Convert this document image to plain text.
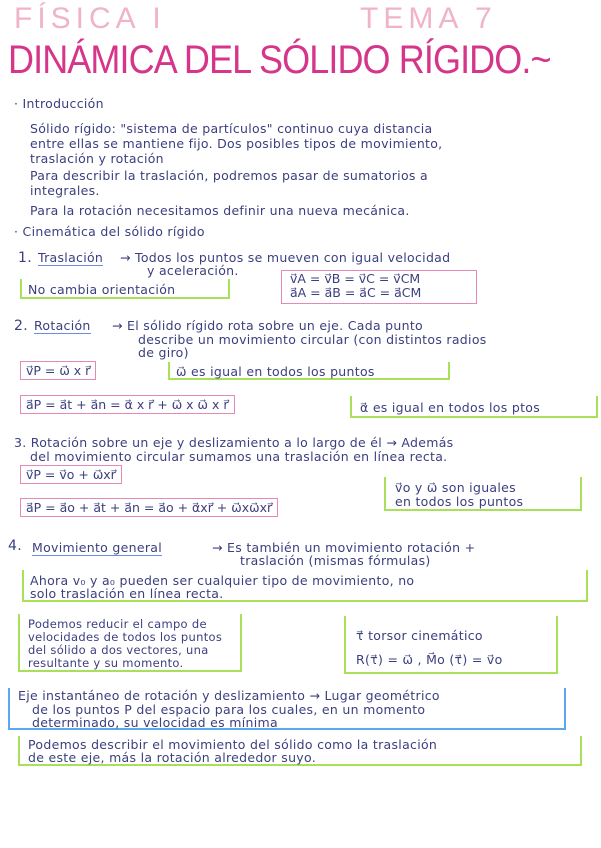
FÍSICA I	TEMA 7
DINÁMICA DEL SÓLIDO RÍGIDO.~
· Introducción
Sólido rígido: "sistema de partículos" continuo cuya distancia
entre ellas se mantiene fijo. Dos posibles tipos de movimiento,
traslación y rotación
Para describir la traslación, podremos pasar de sumatorios a
integrales.
Para la rotación necesitamos definir una nueva mecánica.
· Cinemática del sólido rígido
1. Traslación → Todos los puntos se mueven con igual velocidad
y aceleración.
No cambia orientación
v⃗A = v⃗B = v⃗C = v⃗CM
a⃗A = a⃗B = a⃗C = a⃗CM
2. Rotación → El sólido rígido rota sobre un eje. Cada punto
describe un movimiento circular (con distintos radios
de giro)
v⃗P = ω⃗ x r⃗	ω⃗ es igual en todos los puntos
a⃗P = a⃗t + a⃗n = α⃗ x r⃗ + ω⃗ x ω⃗ x r⃗	α⃗ es igual en todos los ptos
3. Rotación sobre un eje y deslizamiento a lo largo de él → Además
del movimiento circular sumamos una traslación en línea recta.
v⃗P = v⃗o + ω⃗xr⃗
a⃗P = a⃗o + a⃗t + a⃗n = a⃗o + α⃗xr⃗ + ω⃗xω⃗xr⃗
v⃗o y ω⃗ son iguales
en todos los puntos
4. Movimiento general	→ Es también un movimiento rotación +
traslación (mismas fórmulas)
Ahora v₀ y a₀ pueden ser cualquier tipo de movimiento, no
solo traslación en línea recta.
Podemos reducir el campo de
velocidades de todos los puntos
del sólido a dos vectores, una
resultante y su momento.
τ⃗ torsor cinemático
R(τ⃗) = ω⃗ , M⃗o (τ⃗) = v⃗o
Eje instantáneo de rotación y deslizamiento → Lugar geométrico
de los puntos P del espacio para los cuales, en un momento
determinado, su velocidad es mínima
Podemos describir el movimiento del sólido como la traslación
de este eje, más la rotación alrededor suyo.
